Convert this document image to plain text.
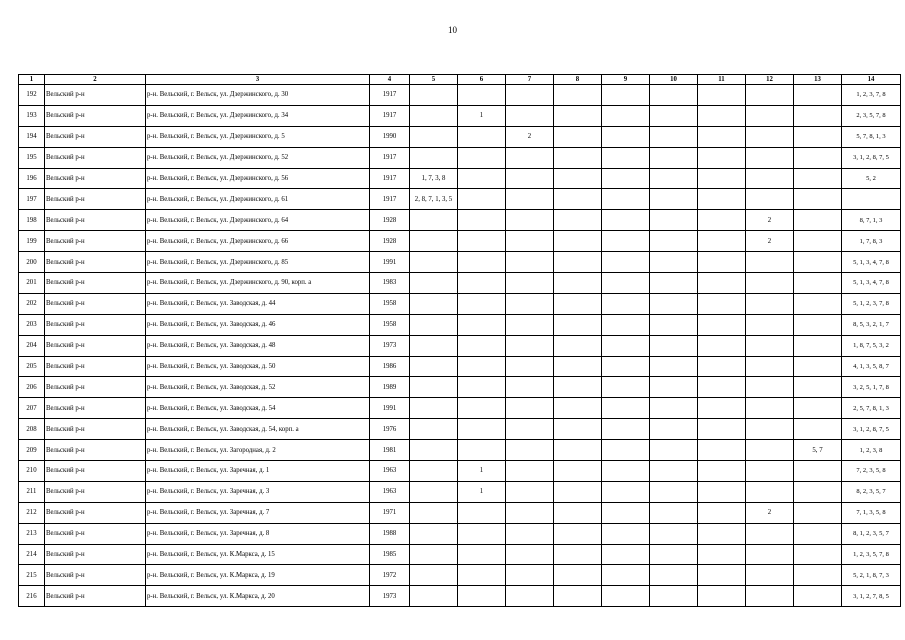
10
1	2	3	4	5	6	7	8	9	10	11	12	13	14
192	Вельский р-н	р-н. Вельский, г. Вельск, ул. Дзержинского, д. 30	1917										1, 2, 3, 7, 8
193	Вельский р-н	р-н. Вельский, г. Вельск, ул. Дзержинского, д. 34	1917		1								2, 3, 5, 7, 8
194	Вельский р-н	р-н. Вельский, г. Вельск, ул. Дзержинского, д. 5	1990			2							5, 7, 8, 1, 3
195	Вельский р-н	р-н. Вельский, г. Вельск, ул. Дзержинского, д. 52	1917										3, 1, 2, 8, 7, 5
196	Вельский р-н	р-н. Вельский, г. Вельск, ул. Дзержинского, д. 56	1917	1, 7, 3, 8									5, 2
197	Вельский р-н	р-н. Вельский, г. Вельск, ул. Дзержинского, д. 61	1917	2, 8, 7, 1, 3, 5									
198	Вельский р-н	р-н. Вельский, г. Вельск, ул. Дзержинского, д. 64	1928								2		8, 7, 1, 3
199	Вельский р-н	р-н. Вельский, г. Вельск, ул. Дзержинского, д. 66	1928								2		1, 7, 8, 3
200	Вельский р-н	р-н. Вельский, г. Вельск, ул. Дзержинского, д. 85	1991										5, 1, 3, 4, 7, 8
201	Вельский р-н	р-н. Вельский, г. Вельск, ул. Дзержинского, д. 90, корп. а	1983										5, 1, 3, 4, 7, 8
202	Вельский р-н	р-н. Вельский, г. Вельск, ул. Заводская, д. 44	1958										5, 1, 2, 3, 7, 8
203	Вельский р-н	р-н. Вельский, г. Вельск, ул. Заводская, д. 46	1958										8, 5, 3, 2, 1, 7
204	Вельский р-н	р-н. Вельский, г. Вельск, ул. Заводская, д. 48	1973										1, 8, 7, 5, 3, 2
205	Вельский р-н	р-н. Вельский, г. Вельск, ул. Заводская, д. 50	1986										4, 1, 3, 5, 8, 7
206	Вельский р-н	р-н. Вельский, г. Вельск, ул. Заводская, д. 52	1989										3, 2, 5, 1, 7, 8
207	Вельский р-н	р-н. Вельский, г. Вельск, ул. Заводская, д. 54	1991										2, 5, 7, 8, 1, 3
208	Вельский р-н	р-н. Вельский, г. Вельск, ул. Заводская, д. 54, корп. а	1976										3, 1, 2, 8, 7, 5
209	Вельский р-н	р-н. Вельский, г. Вельск, ул. Загородная, д. 2	1981									5, 7	1, 2, 3, 8
210	Вельский р-н	р-н. Вельский, г. Вельск, ул. Заречная, д. 1	1963		1								7, 2, 3, 5, 8
211	Вельский р-н	р-н. Вельский, г. Вельск, ул. Заречная, д. 3	1963		1								8, 2, 3, 5, 7
212	Вельский р-н	р-н. Вельский, г. Вельск, ул. Заречная, д. 7	1971								2		7, 1, 3, 5, 8
213	Вельский р-н	р-н. Вельский, г. Вельск, ул. Заречная, д. 8	1988										8, 1, 2, 3, 5, 7
214	Вельский р-н	р-н. Вельский, г. Вельск, ул. К.Маркса, д. 15	1985										1, 2, 3, 5, 7, 8
215	Вельский р-н	р-н. Вельский, г. Вельск, ул. К.Маркса, д. 19	1972										5, 2, 1, 8, 7, 3
216	Вельский р-н	р-н. Вельский, г. Вельск, ул. К.Маркса, д. 20	1973										3, 1, 2, 7, 8, 5
